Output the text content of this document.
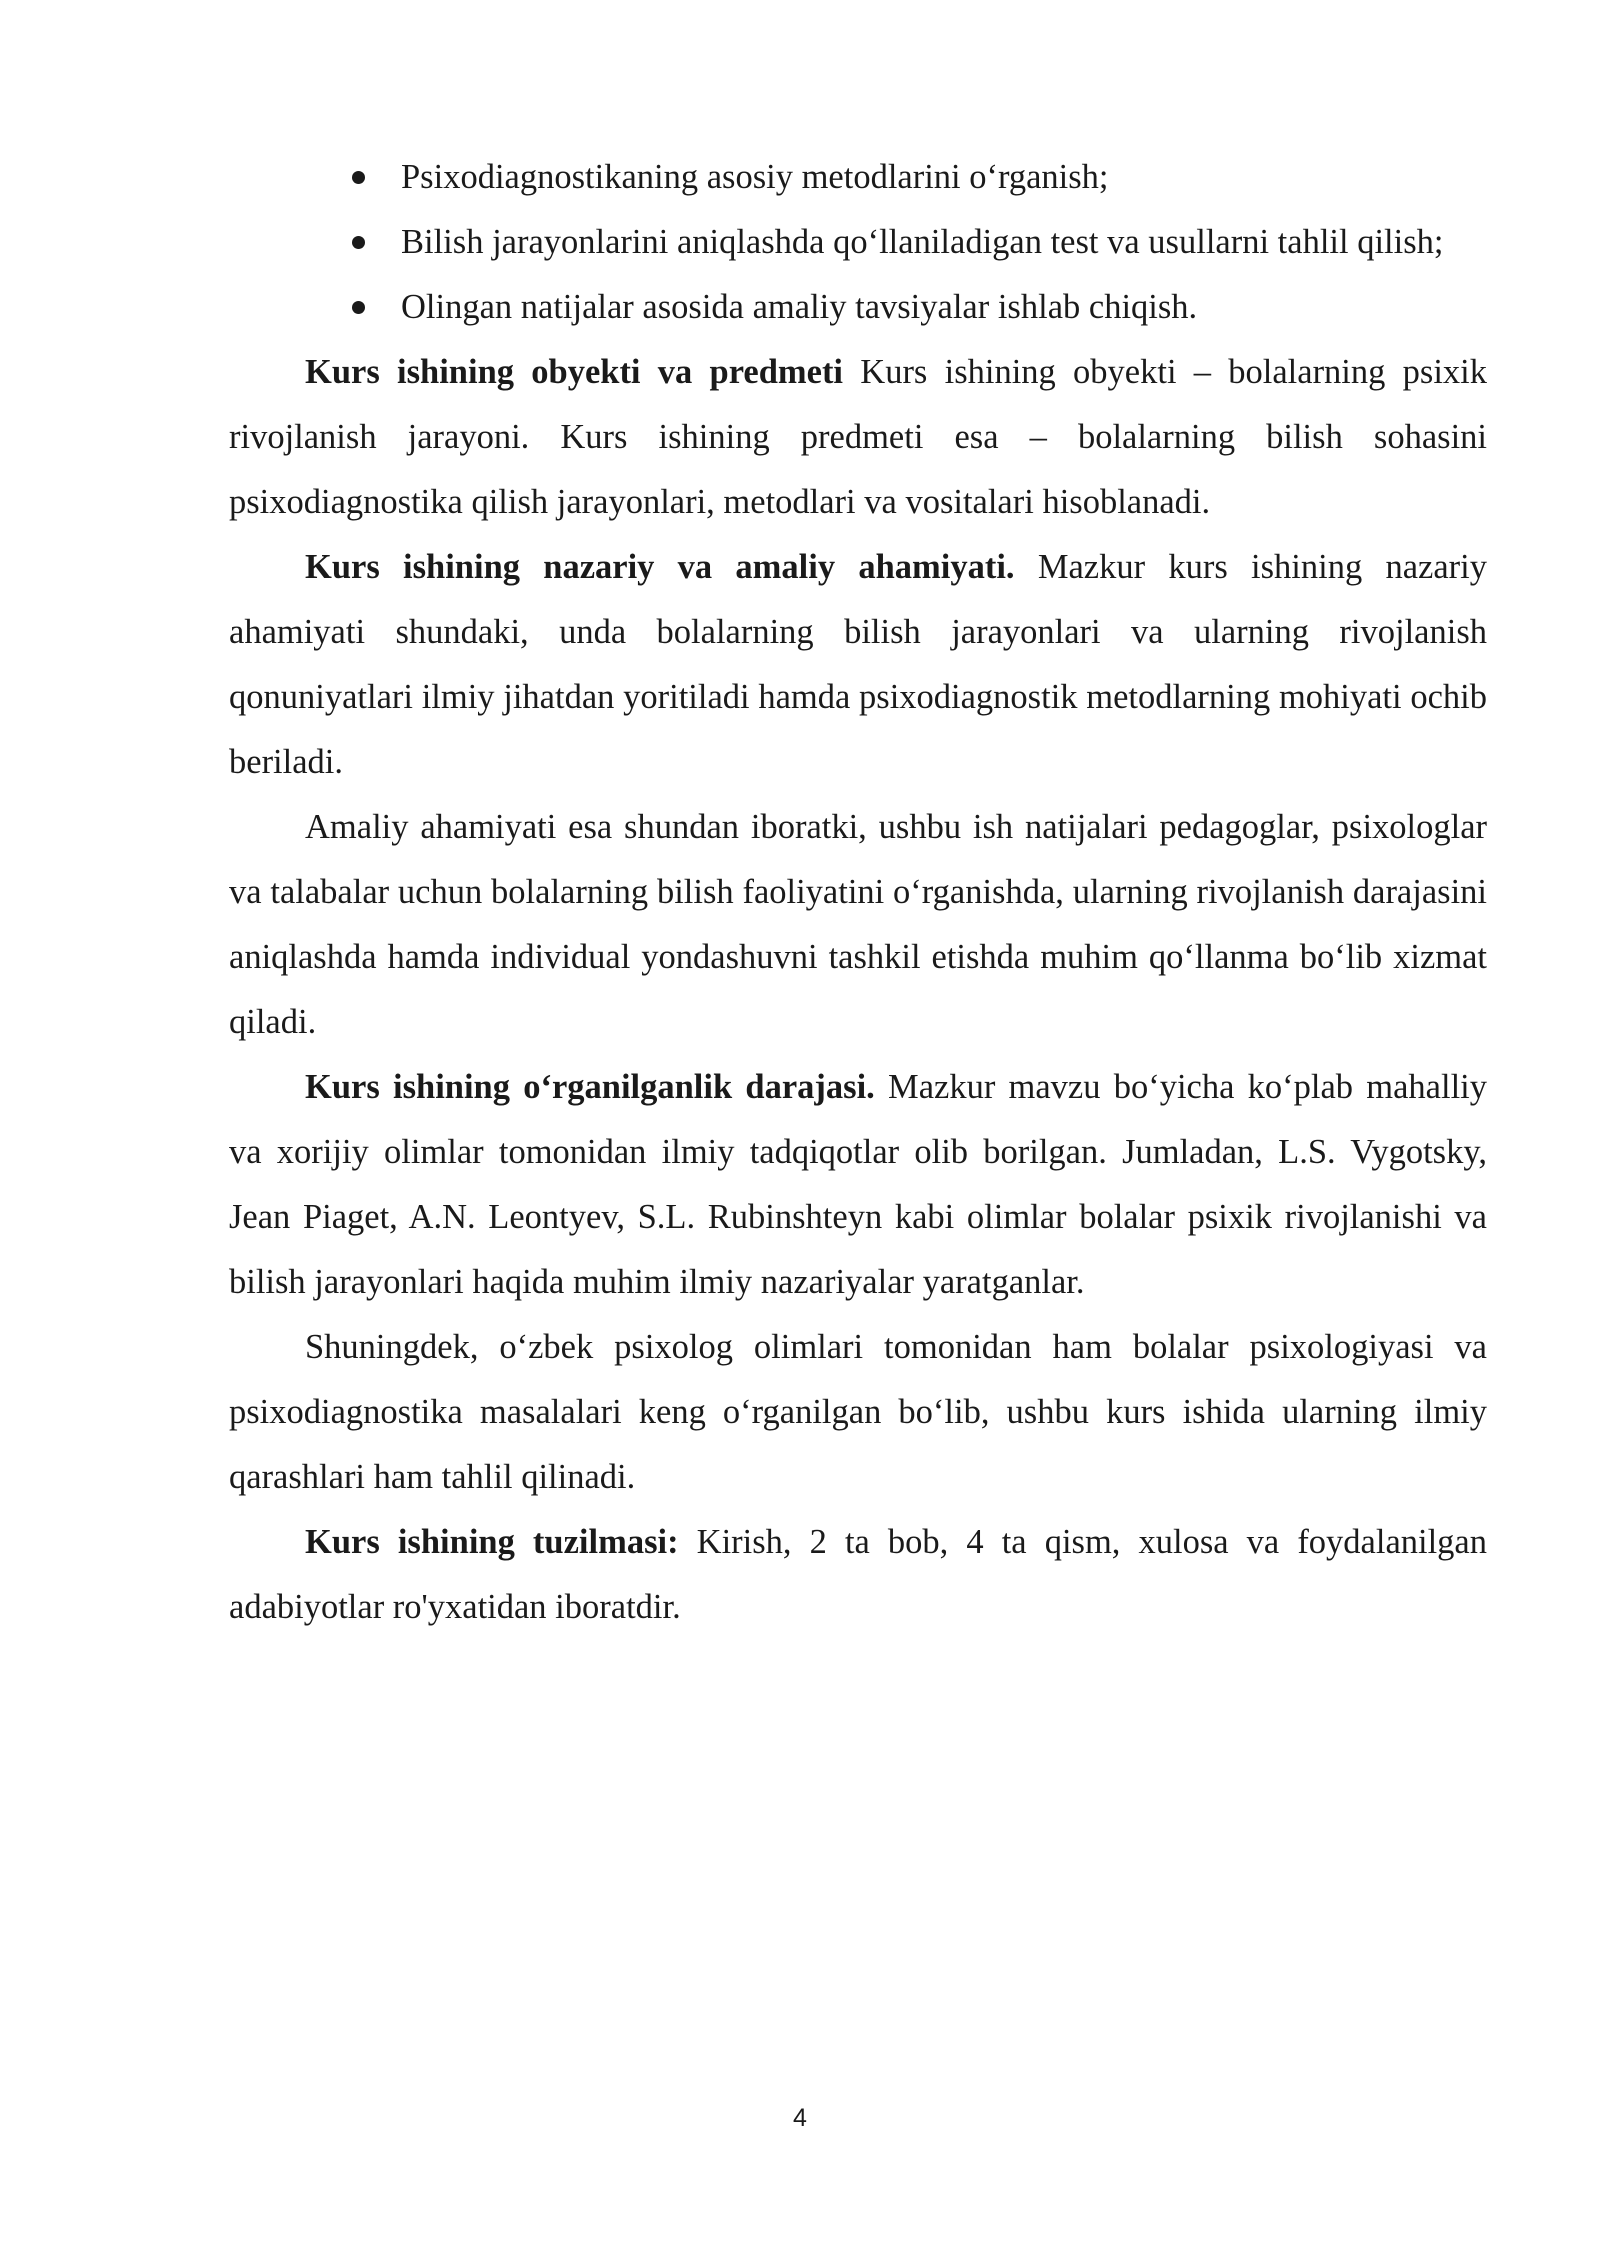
Psixodiagnostikaning asosiy metodlarini o‘rganish;
Bilish jarayonlarini aniqlashda qo‘llaniladigan test va usullarni tahlil qilish;
Olingan natijalar asosida amaliy tavsiyalar ishlab chiqish.

Kurs ishining obyekti va predmeti Kurs ishining obyekti – bolalarning psixik rivojlanish jarayoni. Kurs ishining predmeti esa – bolalarning bilish sohasini psixodiagnostika qilish jarayonlari, metodlari va vositalari hisoblanadi.

Kurs ishining nazariy va amaliy ahamiyati. Mazkur kurs ishining nazariy ahamiyati shundaki, unda bolalarning bilish jarayonlari va ularning rivojlanish qonuniyatlari ilmiy jihatdan yoritiladi hamda psixodiagnostik metodlarning mohiyati ochib beriladi.

Amaliy ahamiyati esa shundan iboratki, ushbu ish natijalari pedagoglar, psixologlar va talabalar uchun bolalarning bilish faoliyatini o‘rganishda, ularning rivojlanish darajasini aniqlashda hamda individual yondashuvni tashkil etishda muhim qo‘llanma bo‘lib xizmat qiladi.

Kurs ishining o‘rganilganlik darajasi. Mazkur mavzu bo‘yicha ko‘plab mahalliy va xorijiy olimlar tomonidan ilmiy tadqiqotlar olib borilgan. Jumladan, L.S. Vygotsky, Jean Piaget, A.N. Leontyev, S.L. Rubinshteyn kabi olimlar bolalar psixik rivojlanishi va bilish jarayonlari haqida muhim ilmiy nazariyalar yaratganlar.

Shuningdek, o‘zbek psixolog olimlari tomonidan ham bolalar psixologiyasi va psixodiagnostika masalalari keng o‘rganilgan bo‘lib, ushbu kurs ishida ularning ilmiy qarashlari ham tahlil qilinadi.

Kurs ishining tuzilmasi: Kirish, 2 ta bob, 4 ta qism, xulosa va foydalanilgan adabiyotlar ro'yxatidan iboratdir.

4
